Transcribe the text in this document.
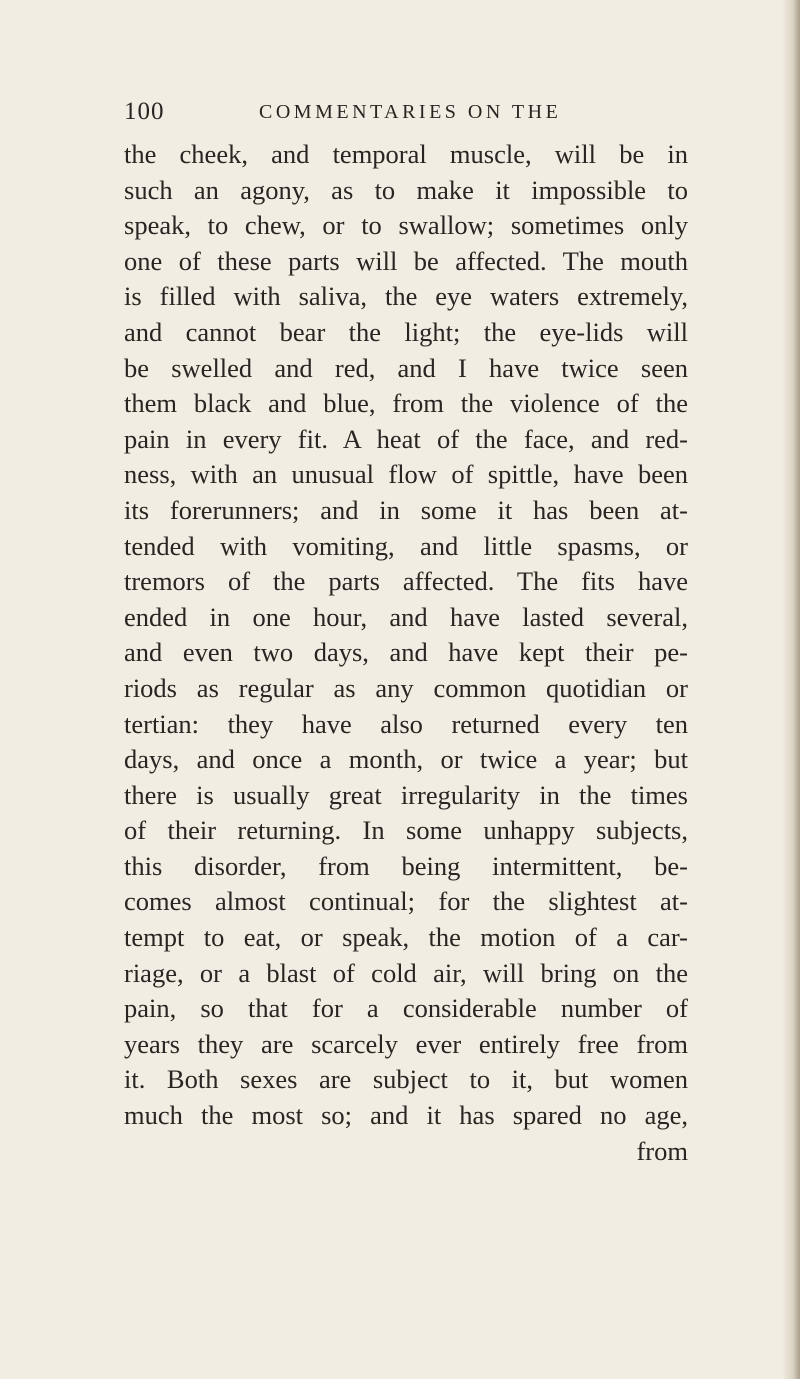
100	COMMENTARIES ON THE
the cheek, and temporal muscle, will be in
such an agony, as to make it impossible to
speak, to chew, or to swallow; sometimes only
one of these parts will be affected. The mouth
is filled with saliva, the eye waters extremely,
and cannot bear the light; the eye-lids will
be swelled and red, and I have twice seen
them black and blue, from the violence of the
pain in every fit. A heat of the face, and red-
ness, with an unusual flow of spittle, have been
its forerunners; and in some it has been at-
tended with vomiting, and little spasms, or
tremors of the parts affected. The fits have
ended in one hour, and have lasted several,
and even two days, and have kept their pe-
riods as regular as any common quotidian or
tertian: they have also returned every ten
days, and once a month, or twice a year; but
there is usually great irregularity in the times
of their returning. In some unhappy subjects,
this disorder, from being intermittent, be-
comes almost continual; for the slightest at-
tempt to eat, or speak, the motion of a car-
riage, or a blast of cold air, will bring on the
pain, so that for a considerable number of
years they are scarcely ever entirely free from
it. Both sexes are subject to it, but women
much the most so; and it has spared no age,
from
